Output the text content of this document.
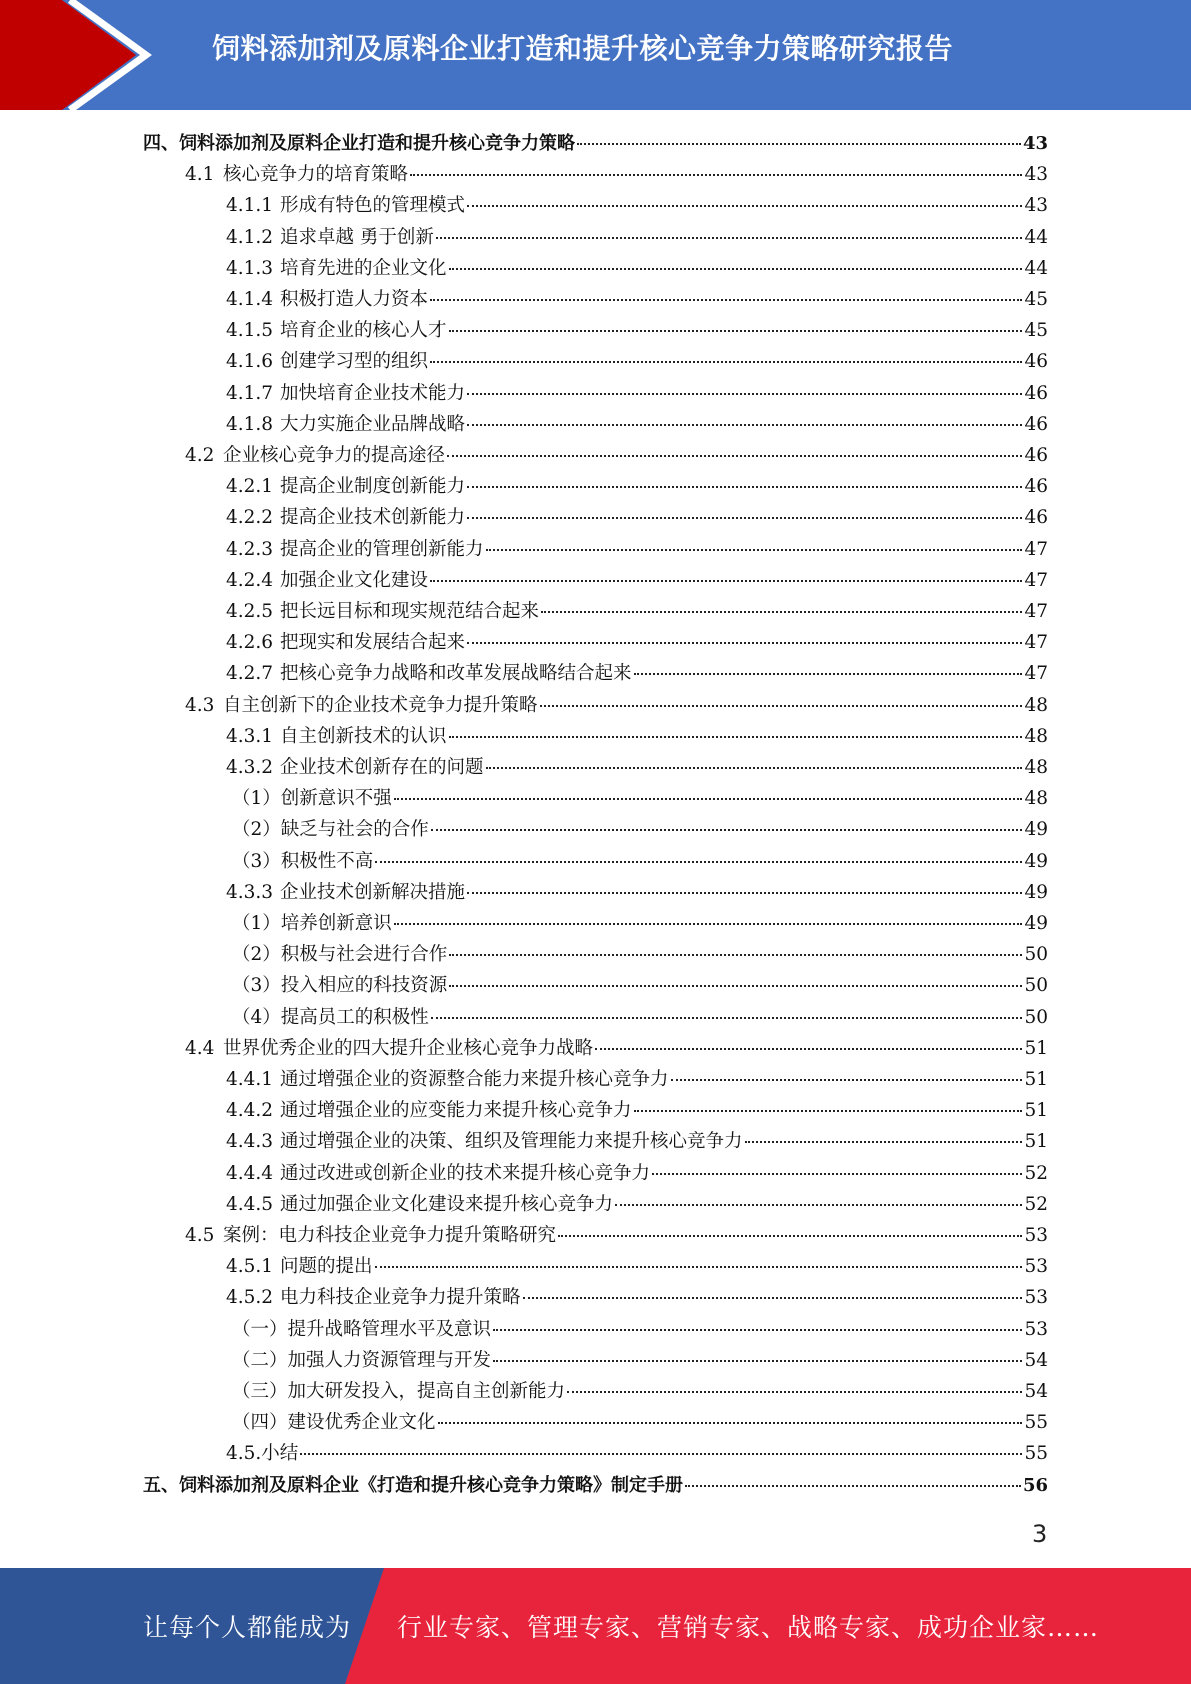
饲料添加剂及原料企业打造和提升核心竞争力策略研究报告
四、饲料添加剂及原料企业打造和提升核心竞争力策略	43
4.1 核心竞争力的培育策略	43
4.1.1 形成有特色的管理模式	43
4.1.2 追求卓越 勇于创新	44
4.1.3 培育先进的企业文化	44
4.1.4 积极打造人力资本	45
4.1.5 培育企业的核心人才	45
4.1.6 创建学习型的组织	46
4.1.7 加快培育企业技术能力	46
4.1.8 大力实施企业品牌战略	46
4.2 企业核心竞争力的提高途径	46
4.2.1 提高企业制度创新能力	46
4.2.2 提高企业技术创新能力	46
4.2.3 提高企业的管理创新能力	47
4.2.4 加强企业文化建设	47
4.2.5 把长远目标和现实规范结合起来	47
4.2.6 把现实和发展结合起来	47
4.2.7 把核心竞争力战略和改革发展战略结合起来	47
4.3 自主创新下的企业技术竞争力提升策略	48
4.3.1 自主创新技术的认识	48
4.3.2 企业技术创新存在的问题	48
（1）创新意识不强	48
（2）缺乏与社会的合作	49
（3）积极性不高	49
4.3.3 企业技术创新解决措施	49
（1）培养创新意识	49
（2）积极与社会进行合作	50
（3）投入相应的科技资源	50
（4）提高员工的积极性	50
4.4 世界优秀企业的四大提升企业核心竞争力战略	51
4.4.1 通过增强企业的资源整合能力来提升核心竞争力	51
4.4.2 通过增强企业的应变能力来提升核心竞争力	51
4.4.3 通过增强企业的决策、组织及管理能力来提升核心竞争力	51
4.4.4 通过改进或创新企业的技术来提升核心竞争力	52
4.4.5 通过加强企业文化建设来提升核心竞争力	52
4.5 案例：电力科技企业竞争力提升策略研究	53
4.5.1 问题的提出	53
4.5.2 电力科技企业竞争力提升策略	53
（一）提升战略管理水平及意识	53
（二）加强人力资源管理与开发	54
（三）加大研发投入，提高自主创新能力	54
（四）建设优秀企业文化	55
4.5.小结	55
五、饲料添加剂及原料企业《打造和提升核心竞争力策略》制定手册	56
3
让每个人都能成为 行业专家、管理专家、营销专家、战略专家、成功企业家……
